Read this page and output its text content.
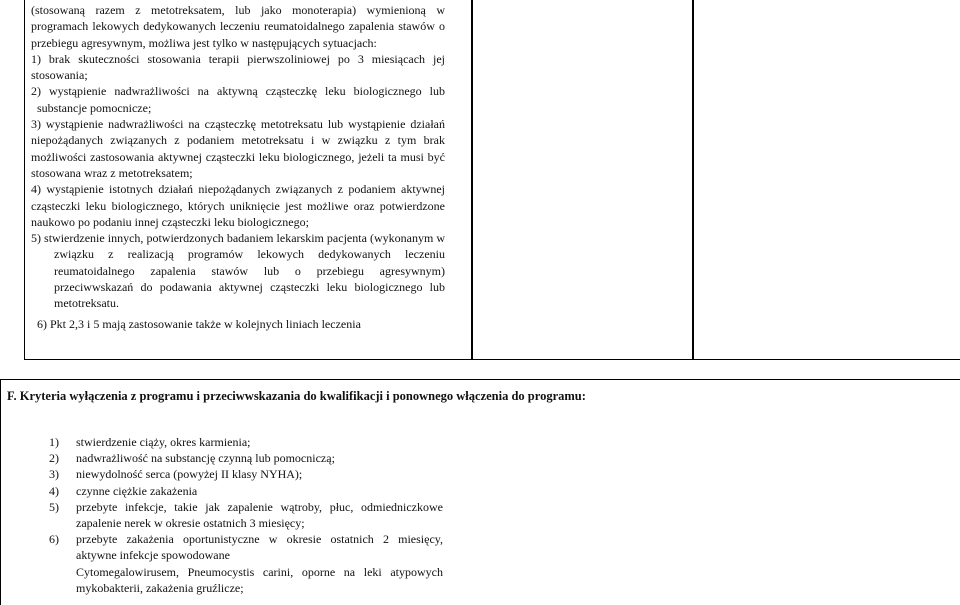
(stosowaną razem z metotreksatem, lub jako monoterapia) wymienioną w programach lekowych dedykowanych leczeniu reumatoidalnego zapalenia stawów o przebiegu agresywnym, możliwa jest tylko w następujących sytuacjach:

1) brak skuteczności stosowania terapii pierwszoliniowej po 3 miesiącach jej stosowania;

2) wystąpienie nadwrażliwości na aktywną cząsteczkę leku biologicznego lub substancje pomocnicze;

3) wystąpienie nadwrażliwości na cząsteczkę metotreksatu lub wystąpienie działań niepożądanych związanych z podaniem metotreksatu i w związku z tym brak możliwości zastosowania aktywnej cząsteczki leku biologicznego, jeżeli ta musi być stosowana wraz z metotreksatem;

4) wystąpienie istotnych działań niepożądanych związanych z podaniem aktywnej cząsteczki leku biologicznego, których uniknięcie jest możliwe oraz potwierdzone naukowo po podaniu innej cząsteczki leku biologicznego;

5) stwierdzenie innych, potwierdzonych badaniem lekarskim pacjenta (wykonanym w związku z realizacją programów lekowych dedykowanych leczeniu reumatoidalnego zapalenia stawów lub o przebiegu agresywnym) przeciwwskazań do podawania aktywnej cząsteczki leku biologicznego lub metotreksatu.

6) Pkt 2,3 i 5 mają zastosowanie także w kolejnych liniach leczenia

F. Kryteria wyłączenia z programu i przeciwwskazania do kwalifikacji i ponownego włączenia do programu:
1) stwierdzenie ciąży, okres karmienia;
2) nadwrażliwość na substancję czynną lub pomocniczą;
3) niewydolność serca (powyżej II klasy NYHA);
4) czynne ciężkie zakażenia
5) przebyte infekcje, takie jak zapalenie wątroby, płuc, odmiedniczkowe zapalenie nerek w okresie ostatnich 3 miesięcy;
6) przebyte zakażenia oportunistyczne w okresie ostatnich 2 miesięcy, aktywne infekcje spowodowane
Cytomegalowirusem, Pneumocystis carini, oporne na leki atypowych mykobakterii, zakażenia gruźlicze;
